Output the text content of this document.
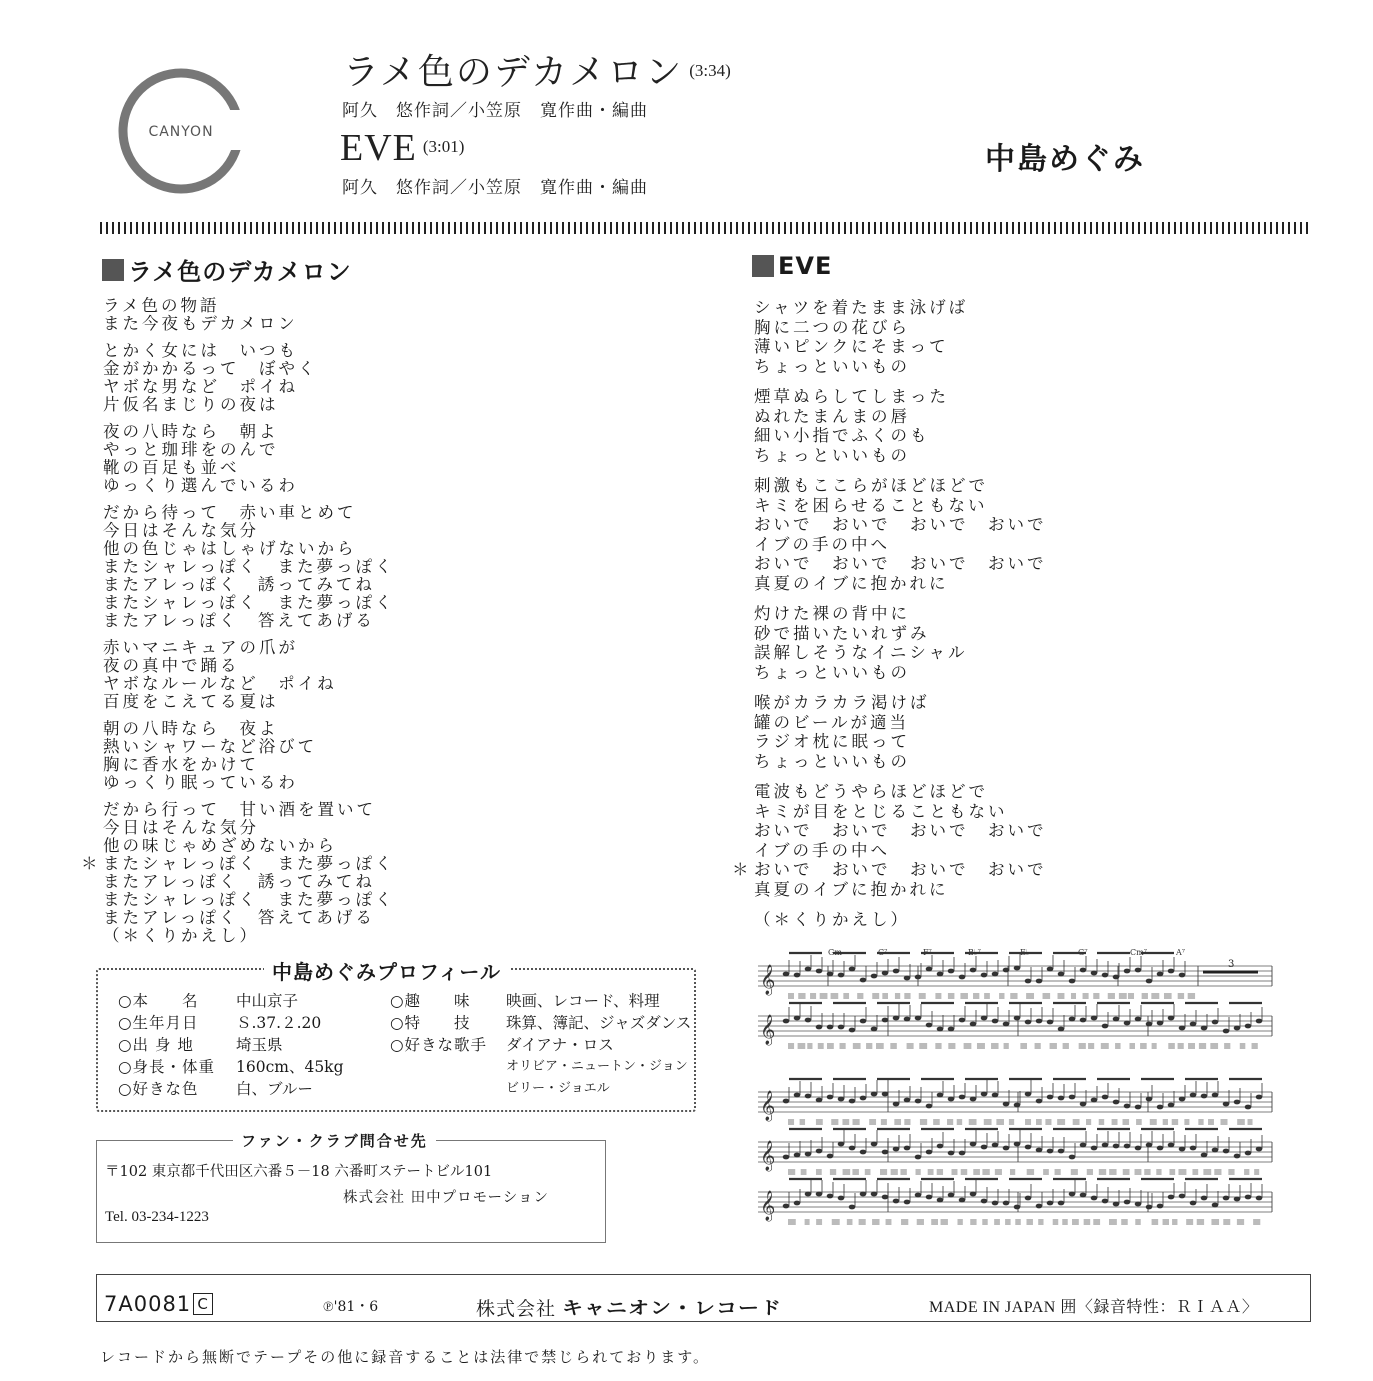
CANYON
ラメ色のデカメロン $^{(3:34)}$
阿久　悠作詞／小笠原　寛作曲・編曲
EVE $^{(3:01)}$
阿久　悠作詞／小笠原　寛作曲・編曲
中島めぐみ
ラメ色のデカメロン
ラメ色の物語
また今夜もデカメロン
とかく女には　いつも
金がかかるって　ぼやく
ヤボな男など　ポイね
片仮名まじりの夜は
夜の八時なら　朝よ
やっと珈琲をのんで
靴の百足も並べ
ゆっくり選んでいるわ
だから待って　赤い車とめて
今日はそんな気分
他の色じゃはしゃげないから
またシャレっぽく　また夢っぽく
またアレっぽく　誘ってみてね
またシャレっぽく　また夢っぽく
またアレっぽく　答えてあげる
赤いマニキュアの爪が
夜の真中で踊る
ヤボなルールなど　ポイね
百度をこえてる夏は
朝の八時なら　夜よ
熱いシャワーなど浴びて
胸に香水をかけて
ゆっくり眠っているわ
だから行って　甘い酒を置いて
今日はそんな気分
他の味じゃめざめないから
またシャレっぽく　また夢っぽく
＊
またアレっぽく　誘ってみてね
またシャレっぽく　また夢っぽく
またアレっぽく　答えてあげる
（＊くりかえし）
EVE
シャツを着たまま泳げば
胸に二つの花びら
薄いピンクにそまって
ちょっといいもの
煙草ぬらしてしまった
ぬれたまんまの唇
細い小指でふくのも
ちょっといいもの
刺激もここらがほどほどで
キミを困らせることもない
おいで　おいで　おいで　おいで
イブの手の中へ
おいで　おいで　おいで　おいで
真夏のイブに抱かれに
灼けた裸の背中に
砂で描いたいれずみ
誤解しそうなイニシャル
ちょっといいもの
喉がカラカラ渇けば
罐のビールが適当
ラジオ枕に眠って
ちょっといいもの
電波もどうやらほどほどで
キミが目をとじることもない
おいで　おいで　おいで　おいで
イブの手の中へ
おいで　おいで　おいで　おいで
＊
真夏のイブに抱かれに
（＊くりかえし）
中島めぐみプロフィール
○本　　名	中山京子
○生年月日	Ｓ.37.２.20
○出 身 地	埼玉県
○身長・体重	160cm、45kg
○好きな色	白、ブルー
○趣　　味	映画、レコード、料理
○特　　技	珠算、簿記、ジャズダンス
○好きな歌手	ダイアナ・ロス
オリビア・ニュートン・ジョン
ビリー・ジョエル
ファン・クラブ問合せ先
〒102 東京都千代田区六番５－18 六番町ステートビル101
株式会社 田中プロモーション
Tel. 03-234-1223
𝄞
𝄞
𝄞
𝄞
𝄞
Gm	C⁷	F⁷	B♭⁷	E♭	G⁷	Cm⁷	A⁷
3
7A0081 C	℗'81・6	株式会社 キャニオン・レコード	MADE IN JAPAN 囲〈録音特性：ＲＩＡＡ〉
レコードから無断でテープその他に録音することは法律で禁じられております。
